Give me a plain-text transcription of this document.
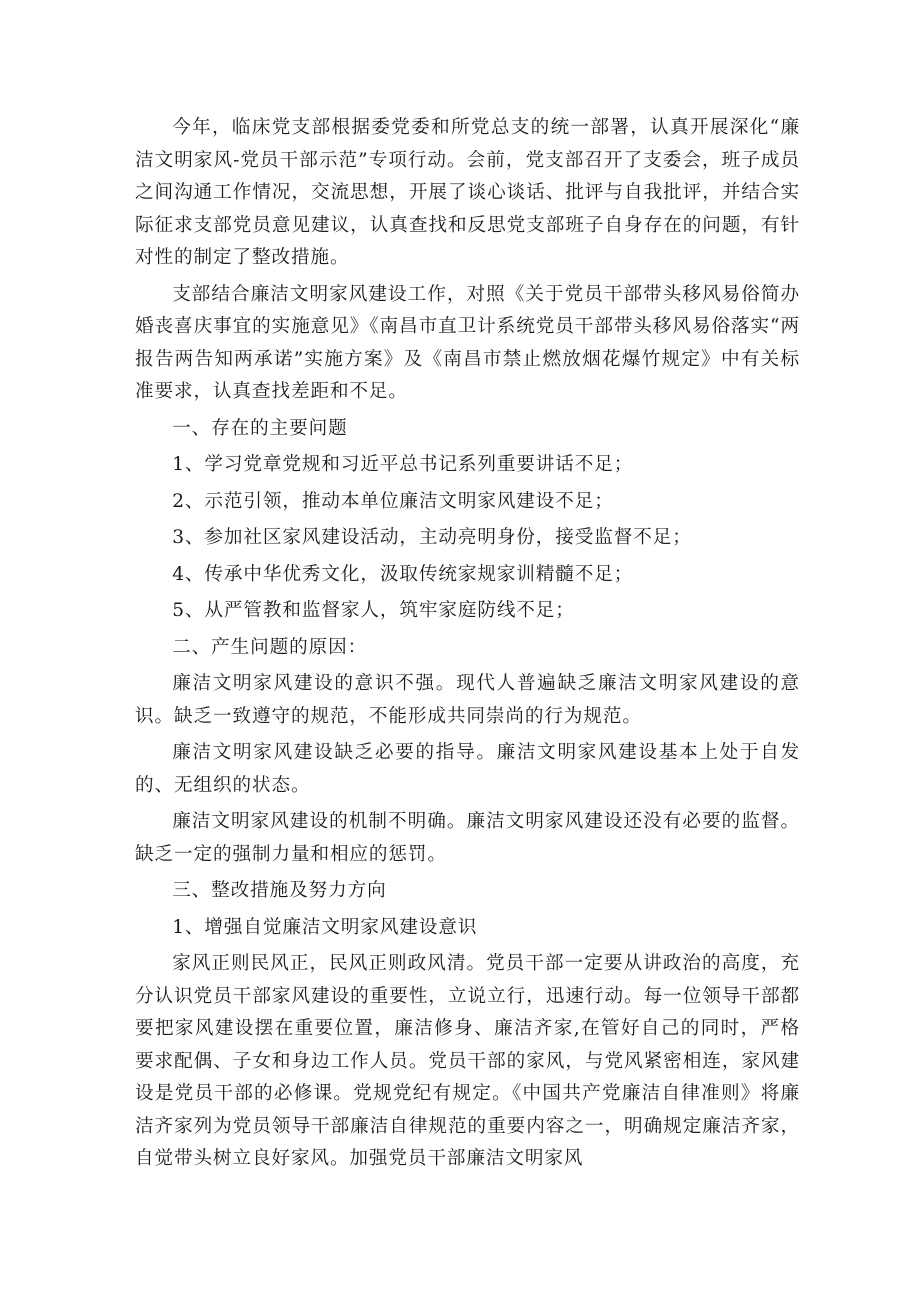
今年，临床党支部根据委党委和所党总支的统一部署，认真开展深化“廉洁文明家风-党员干部示范”专项行动。会前，党支部召开了支委会，班子成员之间沟通工作情况，交流思想，开展了谈心谈话、批评与自我批评，并结合实际征求支部党员意见建议，认真查找和反思党支部班子自身存在的问题，有针对性的制定了整改措施。

支部结合廉洁文明家风建设工作，对照《关于党员干部带头移风易俗简办婚丧喜庆事宜的实施意见》《南昌市直卫计系统党员干部带头移风易俗落实“两报告两告知两承诺”实施方案》及《南昌市禁止燃放烟花爆竹规定》中有关标准要求，认真查找差距和不足。

一、存在的主要问题

1、学习党章党规和习近平总书记系列重要讲话不足；

2、示范引领，推动本单位廉洁文明家风建设不足；

3、参加社区家风建设活动，主动亮明身份，接受监督不足；

4、传承中华优秀文化，汲取传统家规家训精髓不足；

5、从严管教和监督家人，筑牢家庭防线不足；

二、产生问题的原因：

廉洁文明家风建设的意识不强。现代人普遍缺乏廉洁文明家风建设的意识。缺乏一致遵守的规范，不能形成共同崇尚的行为规范。

廉洁文明家风建设缺乏必要的指导。廉洁文明家风建设基本上处于自发的、无组织的状态。

廉洁文明家风建设的机制不明确。廉洁文明家风建设还没有必要的监督。缺乏一定的强制力量和相应的惩罚。

三、整改措施及努力方向

1、增强自觉廉洁文明家风建设意识

家风正则民风正，民风正则政风清。党员干部一定要从讲政治的高度，充分认识党员干部家风建设的重要性，立说立行，迅速行动。每一位领导干部都要把家风建设摆在重要位置，廉洁修身、廉洁齐家,在管好自己的同时，严格要求配偶、子女和身边工作人员。党员干部的家风，与党风紧密相连，家风建设是党员干部的必修课。党规党纪有规定。《中国共产党廉洁自律准则》将廉洁齐家列为党员领导干部廉洁自律规范的重要内容之一，明确规定廉洁齐家，自觉带头树立良好家风。加强党员干部廉洁文明家风
